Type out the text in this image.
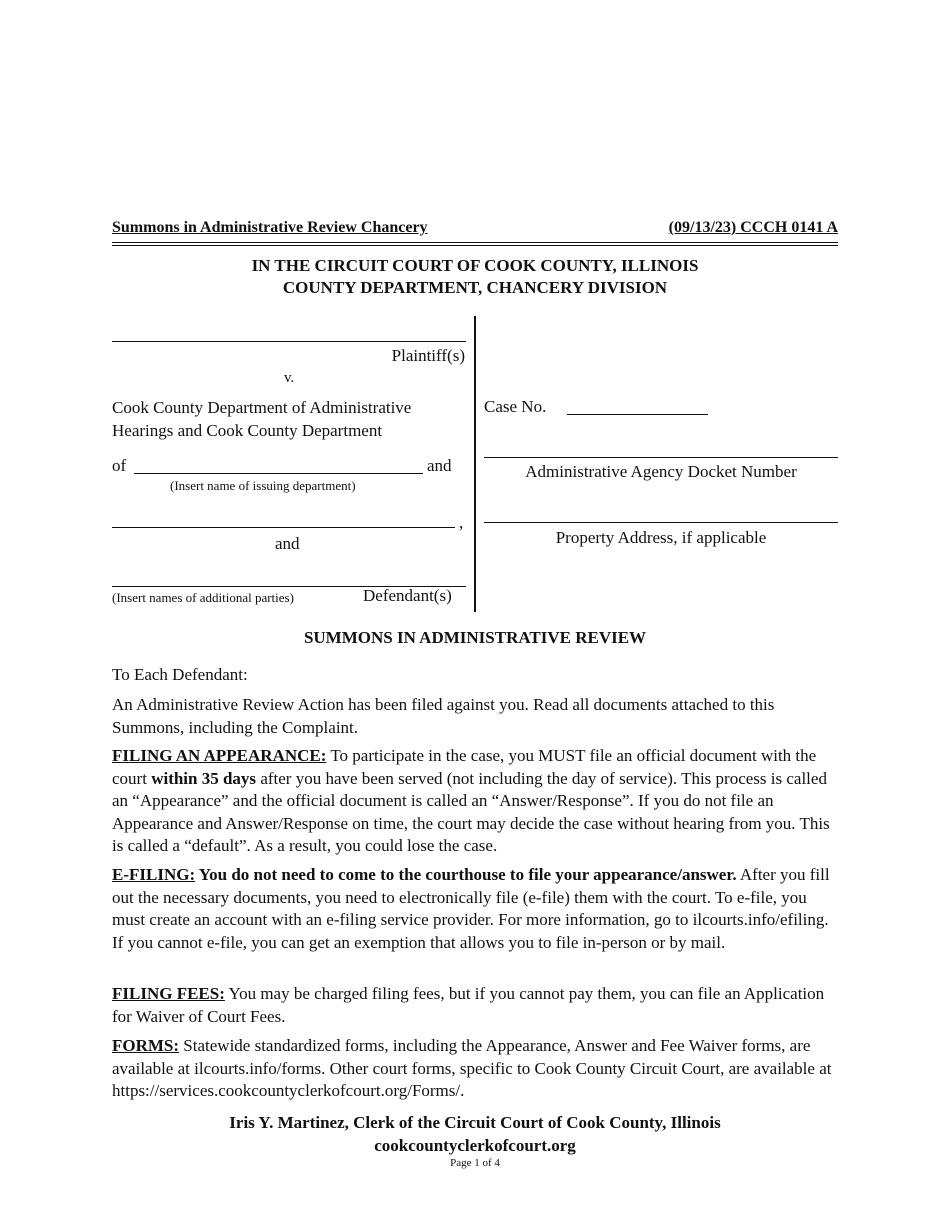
Summons in Administrative Review Chancery	(09/13/23) CCCH 0141 A
IN THE CIRCUIT COURT OF COOK COUNTY, ILLINOIS
COUNTY DEPARTMENT, CHANCERY DIVISION
Plaintiff(s)
v.
Cook County Department of Administrative
Hearings and Cook County Department
of	and
(Insert name of issuing department)
,
and
(Insert names of additional parties)	Defendant(s)
Case No.
Administrative Agency Docket Number
Property Address, if applicable
SUMMONS IN ADMINISTRATIVE REVIEW
To Each Defendant:
An Administrative Review Action has been filed against you. Read all documents attached to this Summons, including the Complaint.
FILING AN APPEARANCE: To participate in the case, you MUST file an official document with the court within 35 days after you have been served (not including the day of service). This process is called an “Appearance” and the official document is called an “Answer/Response”. If you do not file an Appearance and Answer/Response on time, the court may decide the case without hearing from you. This is called a “default”. As a result, you could lose the case.
E-FILING: You do not need to come to the courthouse to file your appearance/answer. After you fill out the necessary documents, you need to electronically file (e-file) them with the court. To e-file, you must create an account with an e-filing service provider. For more information, go to ilcourts.info/efiling. If you cannot e-file, you can get an exemption that allows you to file in-person or by mail.
FILING FEES: You may be charged filing fees, but if you cannot pay them, you can file an Application for Waiver of Court Fees.
FORMS: Statewide standardized forms, including the Appearance, Answer and Fee Waiver forms, are available at ilcourts.info/forms. Other court forms, specific to Cook County Circuit Court, are available at https://services.cookcountyclerkofcourt.org/Forms/.
Iris Y. Martinez, Clerk of the Circuit Court of Cook County, Illinois
cookcountyclerkofcourt.org
Page 1 of 4
